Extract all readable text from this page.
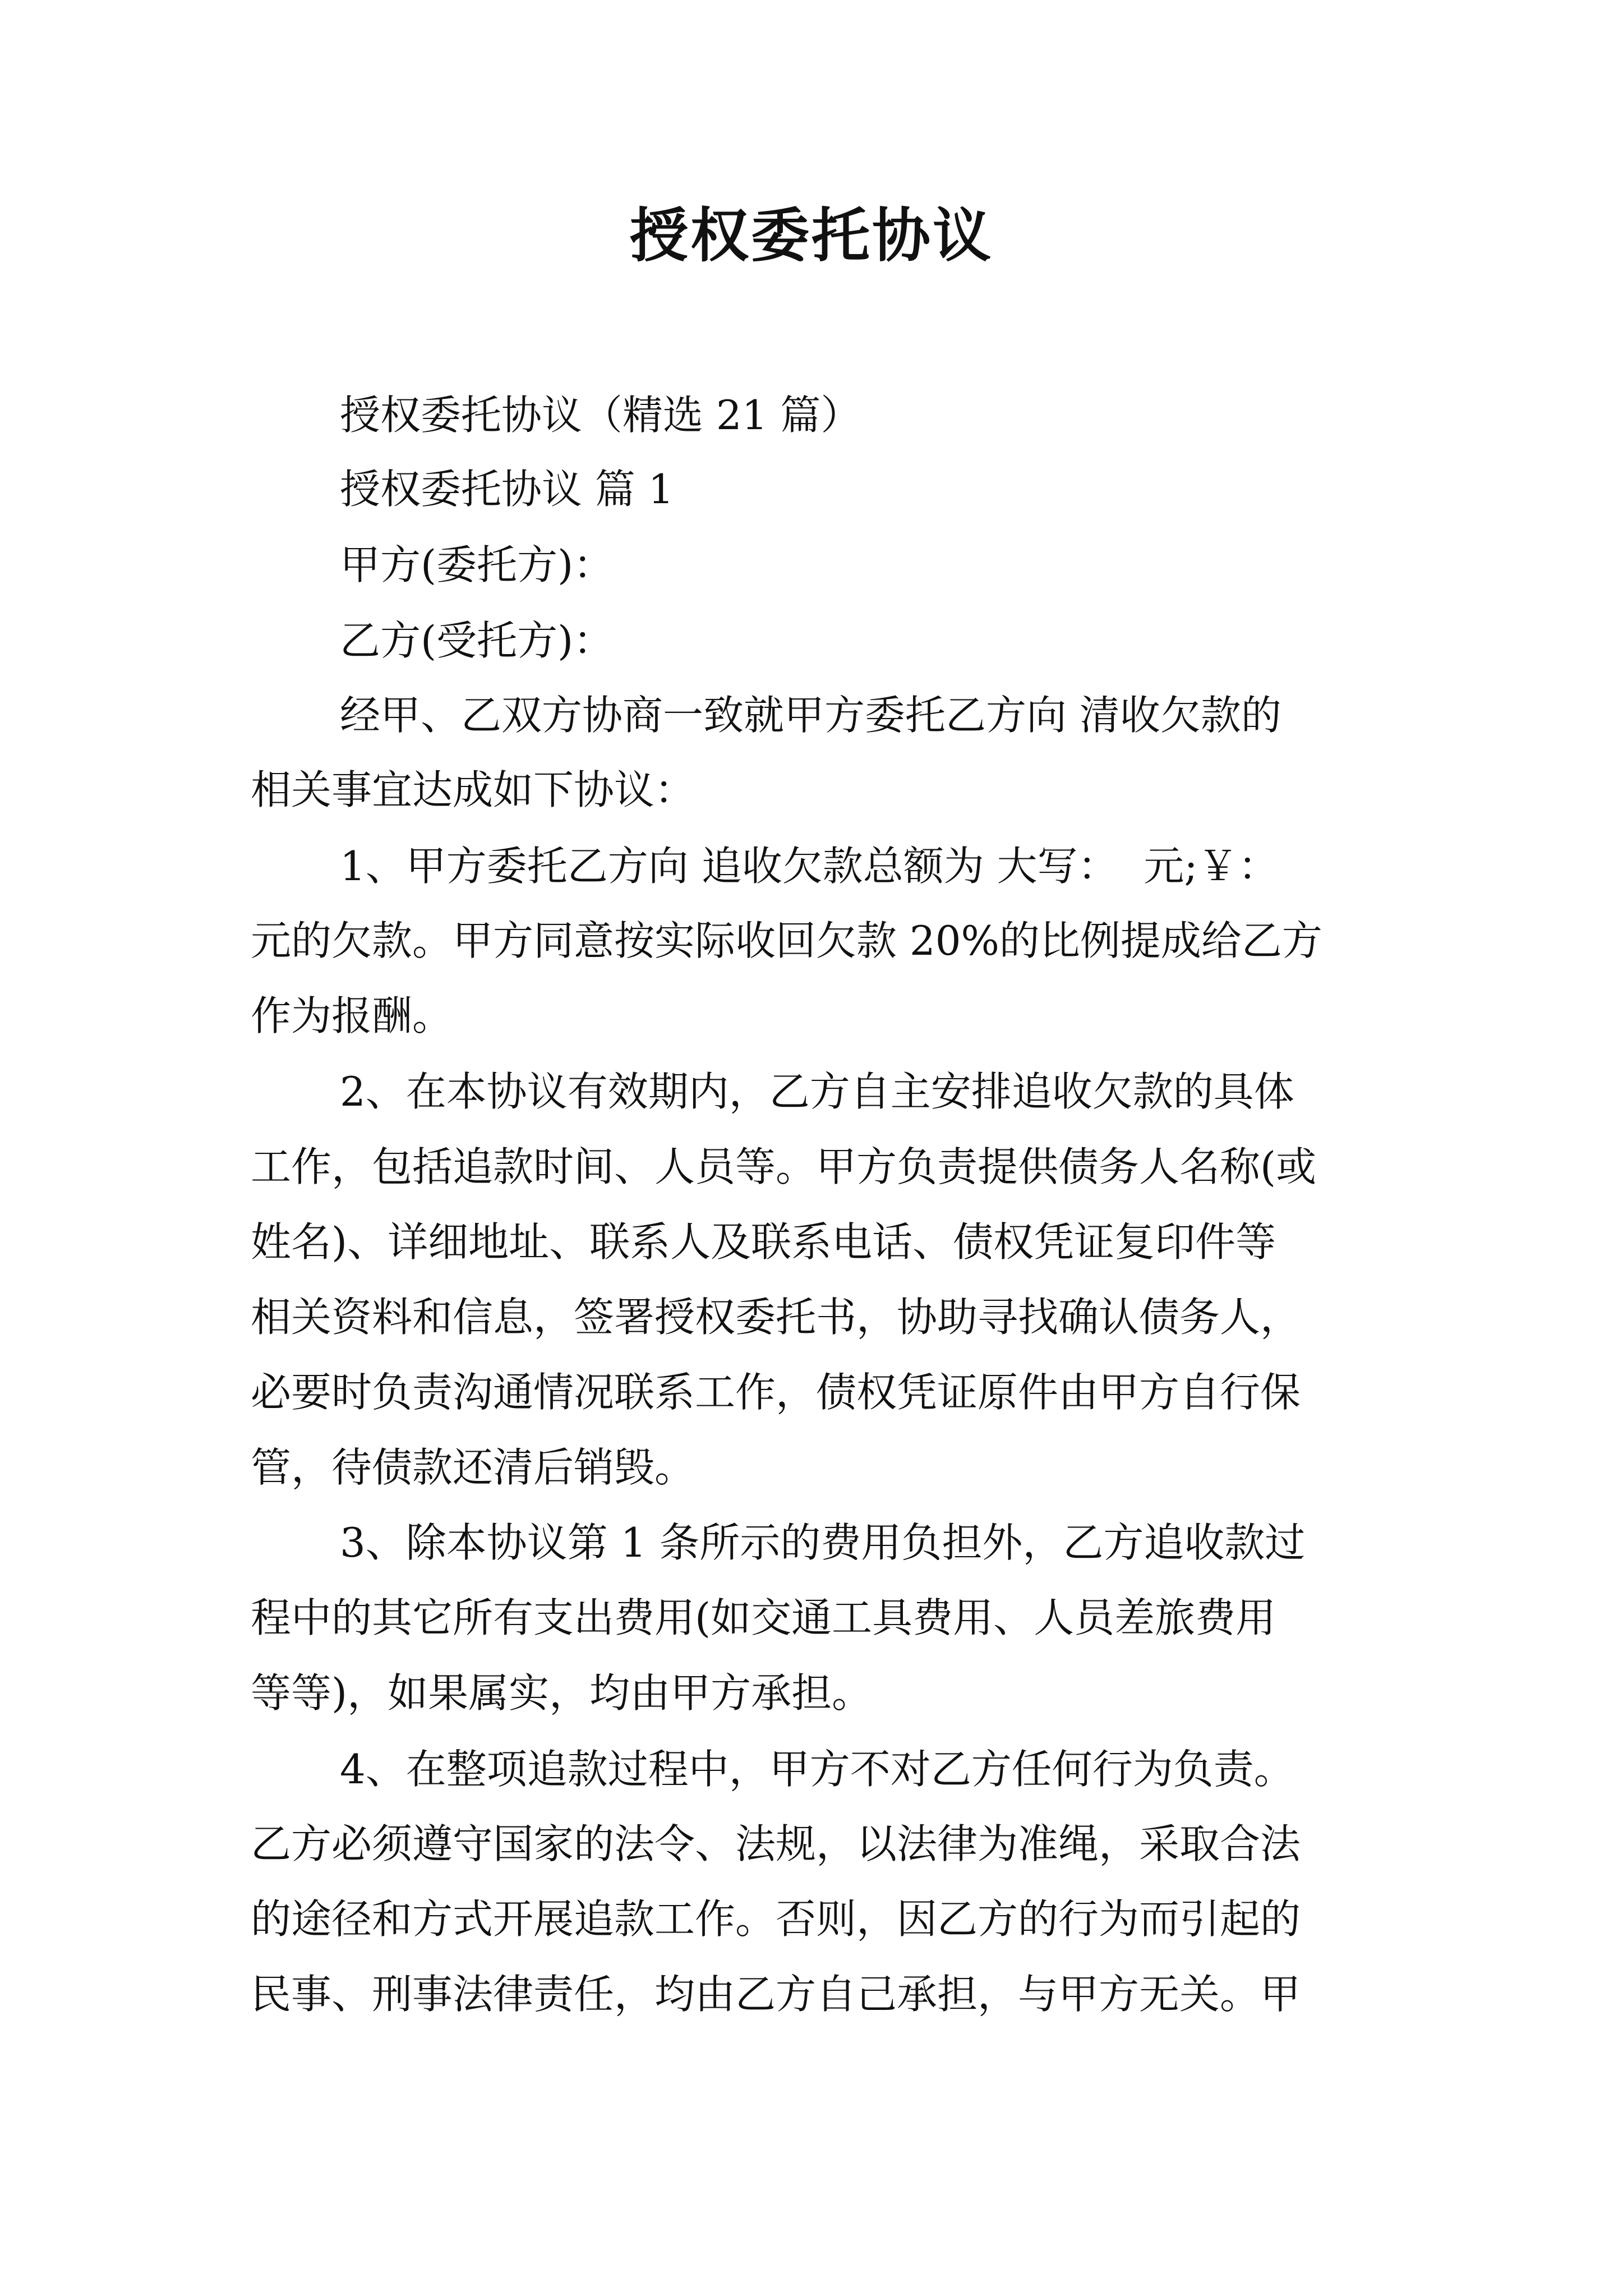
授权委托协议
授权委托协议（精选 21 篇）
授权委托协议 篇 1
甲方(委托方)：
乙方(受托方)：
经甲、乙双方协商一致就甲方委托乙方向 清收欠款的
相关事宜达成如下协议：
1、甲方委托乙方向 追收欠款总额为 大写：  元;￥：
元的欠款。甲方同意按实际收回欠款 20%的比例提成给乙方
作为报酬。
2、在本协议有效期内，乙方自主安排追收欠款的具体
工作，包括追款时间、人员等。甲方负责提供债务人名称(或
姓名)、详细地址、联系人及联系电话、债权凭证复印件等
相关资料和信息，签署授权委托书，协助寻找确认债务人，
必要时负责沟通情况联系工作，债权凭证原件由甲方自行保
管，待债款还清后销毁。
3、除本协议第 1 条所示的费用负担外，乙方追收款过
程中的其它所有支出费用(如交通工具费用、人员差旅费用
等等)，如果属实，均由甲方承担。
4、在整项追款过程中，甲方不对乙方任何行为负责。
乙方必须遵守国家的法令、法规，以法律为准绳，采取合法
的途径和方式开展追款工作。否则，因乙方的行为而引起的
民事、刑事法律责任，均由乙方自己承担，与甲方无关。甲
